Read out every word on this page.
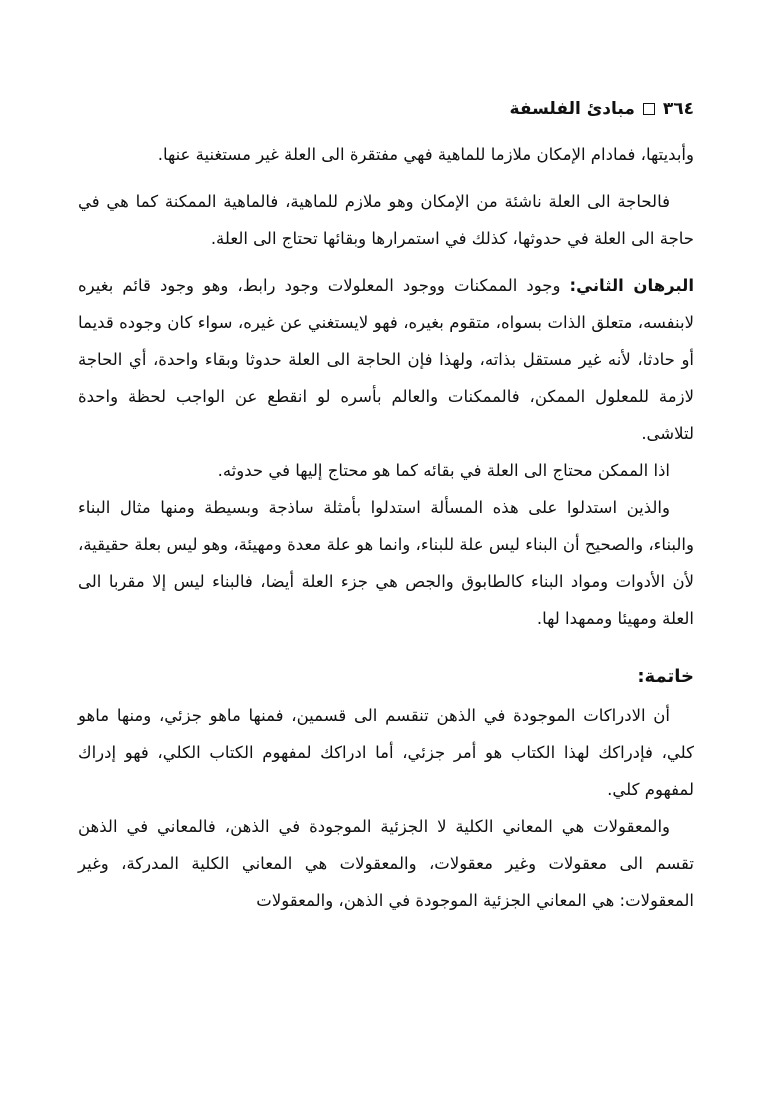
٣٦٤
مبادئ الفلسفة

وأبديتها، فمادام الإمكان ملازما للماهية فهي مفتقرة الى العلة غير مستغنية عنها.

فالحاجة الى العلة ناشئة من الإمكان وهو ملازم للماهية، فالماهية الممكنة كما هي في حاجة الى العلة في حدوثها، كذلك في استمرارها وبقائها تحتاج الى العلة.

البرهان الثاني: وجود الممكنات ووجود المعلولات وجود رابط، وهو وجود قائم بغيره لابنفسه، متعلق الذات بسواه، متقوم بغيره، فهو لايستغني عن غيره، سواء كان وجوده قديما أو حادثا، لأنه غير مستقل بذاته، ولهذا فإن الحاجة الى العلة حدوثا وبقاء واحدة، أي الحاجة لازمة للمعلول الممكن، فالممكنات والعالم بأسره لو انقطع عن الواجب لحظة واحدة لتلاشى.

اذا الممكن محتاج الى العلة في بقائه كما هو محتاج إليها في حدوثه.

والذين استدلوا على هذه المسألة استدلوا بأمثلة ساذجة وبسيطة ومنها مثال البناء والبناء، والصحيح أن البناء ليس علة للبناء، وانما هو علة معدة ومهيئة، وهو ليس بعلة حقيقية، لأن الأدوات ومواد البناء كالطابوق والجص هي جزء العلة أيضا، فالبناء ليس إلا مقربا الى العلة ومهيئا وممهدا لها.

خاتمة:

أن الادراكات الموجودة في الذهن تنقسم الى قسمين، فمنها ماهو جزئي، ومنها ماهو كلي، فإدراكك لهذا الكتاب هو أمر جزئي، أما ادراكك لمفهوم الكتاب الكلي، فهو إدراك لمفهوم كلي.

والمعقولات هي المعاني الكلية لا الجزئية الموجودة في الذهن، فالمعاني في الذهن تقسم الى معقولات وغير معقولات، والمعقولات هي المعاني الكلية المدركة، وغير المعقولات: هي المعاني الجزئية الموجودة في الذهن، والمعقولات
